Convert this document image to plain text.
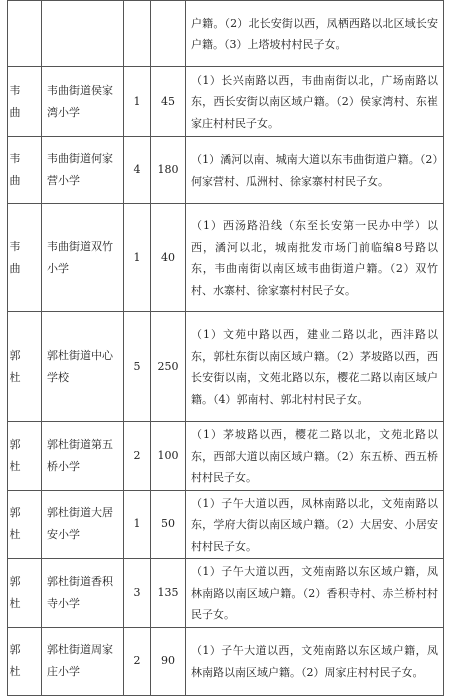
				户籍。（2）北长安街以西，凤栖西路以北区域长安户籍。（3）上塔坡村村民子女。

韦曲	韦曲街道侯家湾小学	1	45	（1）长兴南路以西，韦曲南街以北，广场南路以东，西长安街以南区域户籍。（2）侯家湾村、东崔家庄村村民子女。

韦曲	韦曲街道何家营小学	4	180	（1）潏河以南、城南大道以东韦曲街道户籍。（2）何家营村、瓜洲村、徐家寨村村民子女。

韦曲	韦曲街道双竹小学	1	40	（1）西汤路沿线（东至长安第一民办中学）以西，潏河以北，城南批发市场门前临编8号路以东，韦曲南街以南区域韦曲街道户籍。（2）双竹村、水寨村、徐家寨村村民子女。

郭杜	郭杜街道中心学校	5	250	（1）文苑中路以西，建业二路以北，西沣路以东，郭杜东街以南区域户籍。（2）茅坡路以西，西长安街以南，文苑北路以东，樱花二路以南区域户籍。（4）郭南村、郭北村村民子女。

郭杜	郭杜街道第五桥小学	2	100	（1）茅坡路以西，樱花二路以北，文苑北路以东，西部大道以南区域户籍。（2）东五桥、西五桥村村民子女。

郭杜	郭杜街道大居安小学	1	50	（1）子午大道以西，凤林南路以北，文苑南路以东，学府大街以南区域户籍。（2）大居安、小居安村村民子女。

郭杜	郭杜街道香积寺小学	3	135	（1）子午大道以西，文苑南路以东区域户籍，凤林南路以南区域户籍。（2）香积寺村、赤兰桥村村民子女。

郭杜	郭杜街道周家庄小学	2	90	（1）子午大道以西，文苑南路以东区域户籍，凤林南路以南区域户籍。（2）周家庄村村民子女。
